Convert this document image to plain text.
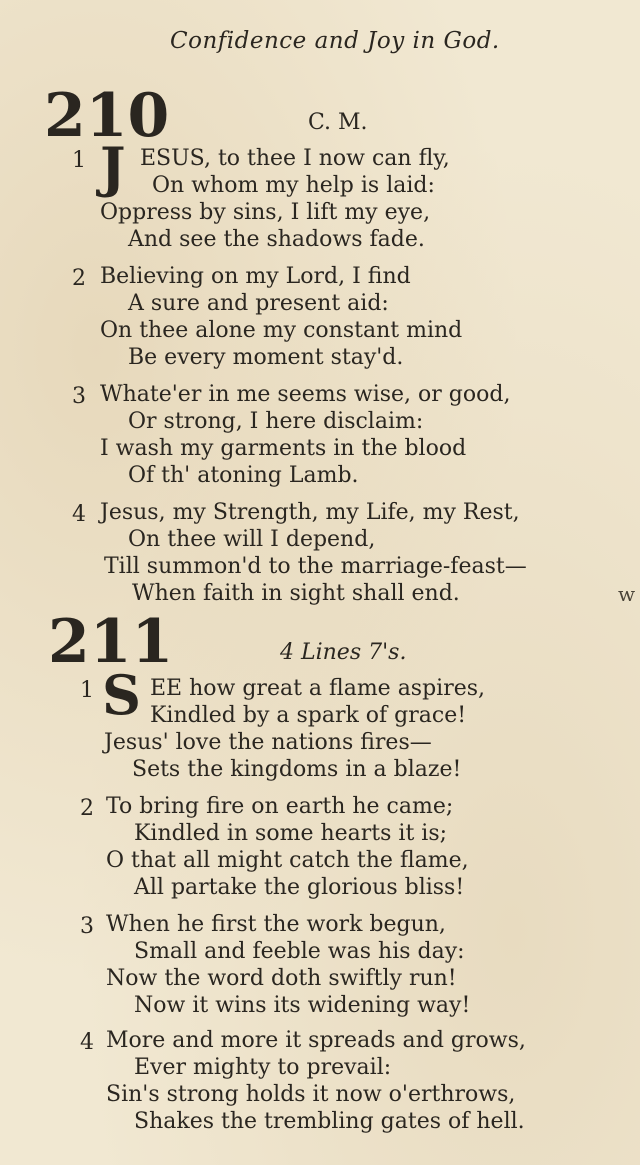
Confidence and Joy in God.
210	C. M.
J
1 ESUS, to thee I now can fly,
On whom my help is laid:
Oppress by sins, I lift my eye,
And see the shadows fade.
2 Believing on my Lord, I find
A sure and present aid:
On thee alone my constant mind
Be every moment stay'd.
3 Whate'er in me seems wise, or good,
Or strong, I here disclaim:
I wash my garments in the blood
Of th' atoning Lamb.
4 Jesus, my Strength, my Life, my Rest,
On thee will I depend,
Till summon'd to the marriage-feast—
When faith in sight shall end.	w
211	4 Lines 7's.
S
1	EE how great a flame aspires,
Kindled by a spark of grace!
Jesus' love the nations fires—
Sets the kingdoms in a blaze!
2 To bring fire on earth he came;
Kindled in some hearts it is;
O that all might catch the flame,
All partake the glorious bliss!
3 When he first the work begun,
Small and feeble was his day:
Now the word doth swiftly run!
Now it wins its widening way!
4 More and more it spreads and grows,
Ever mighty to prevail:
Sin's strong holds it now o'erthrows,
Shakes the trembling gates of hell.
